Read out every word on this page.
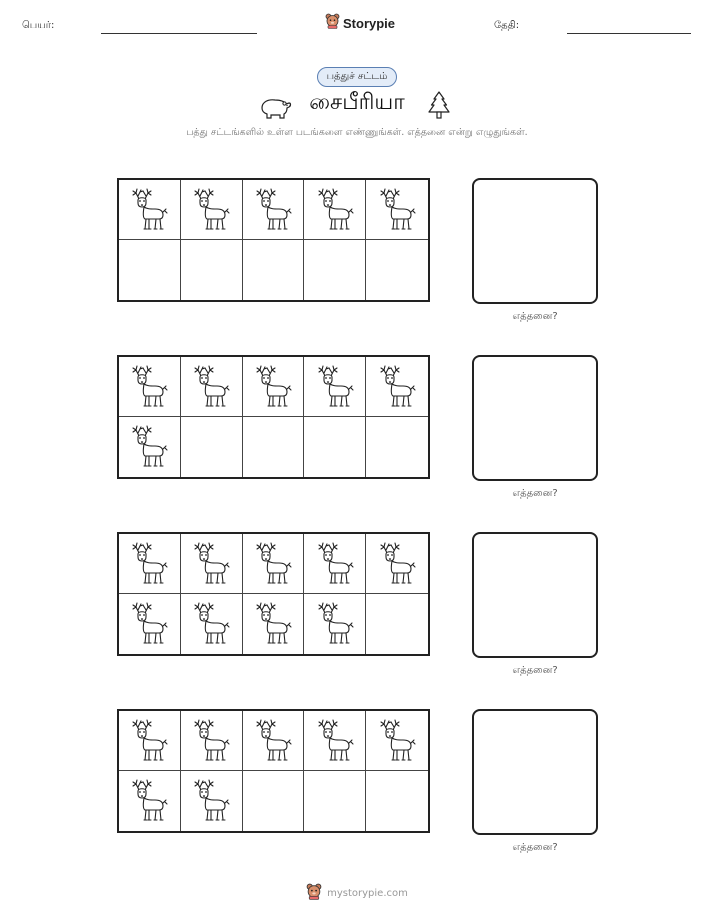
பெயர்:	Storypie	தேதி:
பத்துச் சட்டம்
சைபீரியா
பத்து சட்டங்களில் உள்ள படங்களை எண்ணுங்கள். எத்தனை என்று எழுதுங்கள்.
எத்தனை?
எத்தனை?
எத்தனை?
எத்தனை?
mystorypie.com
